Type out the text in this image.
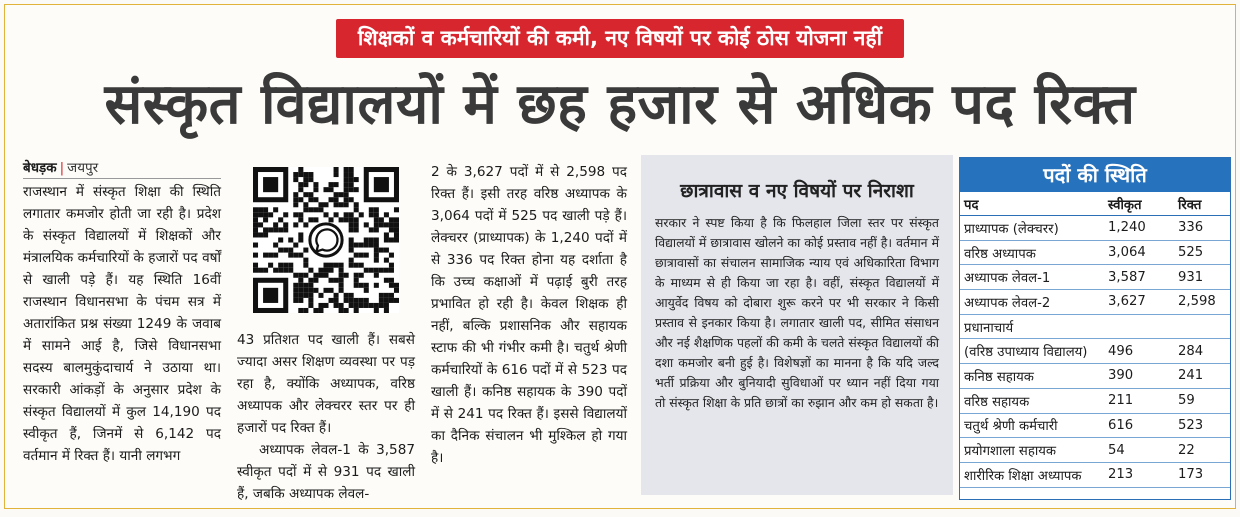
शिक्षकों व कर्मचारियों की कमी, नए विषयों पर कोई ठोस योजना नहीं
संस्कृत विद्यालयों में छह हजार से अधिक पद रिक्त
बेधड़क | जयपुर

राजस्थान में संस्कृत शिक्षा की स्थिति लगातार कमजोर होती जा रही है। प्रदेश के संस्कृत विद्यालयों में शिक्षकों और मंत्रालयिक कर्मचारियों के हजारों पद वर्षों से खाली पड़े हैं। यह स्थिति 16वीं राजस्थान विधानसभा के पंचम सत्र में अतारांकित प्रश्न संख्या 1249 के जवाब में सामने आई है, जिसे विधानसभा सदस्य बालमुकुंदाचार्य ने उठाया था। सरकारी आंकड़ों के अनुसार प्रदेश के संस्कृत विद्यालयों में कुल 14,190 पद स्वीकृत हैं, जिनमें से 6,142 पद वर्तमान में रिक्त हैं। यानी लगभग

43 प्रतिशत पद खाली हैं। सबसे ज्यादा असर शिक्षण व्यवस्था पर पड़ रहा है, क्योंकि अध्यापक, वरिष्ठ अध्यापक और लेक्चरर स्तर पर ही हजारों पद रिक्त हैं।

अध्यापक लेवल-1 के 3,587 स्वीकृत पदों में से 931 पद खाली हैं, जबकि अध्यापक लेवल-

2 के 3,627 पदों में से 2,598 पद रिक्त हैं। इसी तरह वरिष्ठ अध्यापक के 3,064 पदों में 525 पद खाली पड़े हैं। लेक्चरर (प्राध्यापक) के 1,240 पदों में से 336 पद रिक्त होना यह दर्शाता है कि उच्च कक्षाओं में पढ़ाई बुरी तरह प्रभावित हो रही है। केवल शिक्षक ही नहीं, बल्कि प्रशासनिक और सहायक स्टाफ की भी गंभीर कमी है। चतुर्थ श्रेणी कर्मचारियों के 616 पदों में से 523 पद खाली हैं। कनिष्ठ सहायक के 390 पदों में से 241 पद रिक्त हैं। इससे विद्यालयों का दैनिक संचालन भी मुश्किल हो गया है।

छात्रावास व नए विषयों पर निराशा

सरकार ने स्पष्ट किया है कि फिलहाल जिला स्तर पर संस्कृत विद्यालयों में छात्रावास खोलने का कोई प्रस्ताव नहीं है। वर्तमान में छात्रावासों का संचालन सामाजिक न्याय एवं अधिकारिता विभाग के माध्यम से ही किया जा रहा है। वहीं, संस्कृत विद्यालयों में आयुर्वेद विषय को दोबारा शुरू करने पर भी सरकार ने किसी प्रस्ताव से इनकार किया है। लगातार खाली पद, सीमित संसाधन और नई शैक्षणिक पहलों की कमी के चलते संस्कृत विद्यालयों की दशा कमजोर बनी हुई है। विशेषज्ञों का मानना है कि यदि जल्द भर्ती प्रक्रिया और बुनियादी सुविधाओं पर ध्यान नहीं दिया गया तो संस्कृत शिक्षा के प्रति छात्रों का रुझान और कम हो सकता है।

पदों की स्थिति
पद	स्वीकृत	रिक्त
प्राध्यापक (लेक्चरर)	1,240	336
वरिष्ठ अध्यापक	3,064	525
अध्यापक लेवल-1	3,587	931
अध्यापक लेवल-2	3,627	2,598
प्रधानाचार्य		
(वरिष्ठ उपाध्याय विद्यालय)	496	284
कनिष्ठ सहायक	390	241
वरिष्ठ सहायक	211	59
चतुर्थ श्रेणी कर्मचारी	616	523
प्रयोगशाला सहायक	54	22
शारीरिक शिक्षा अध्यापक	213	173
